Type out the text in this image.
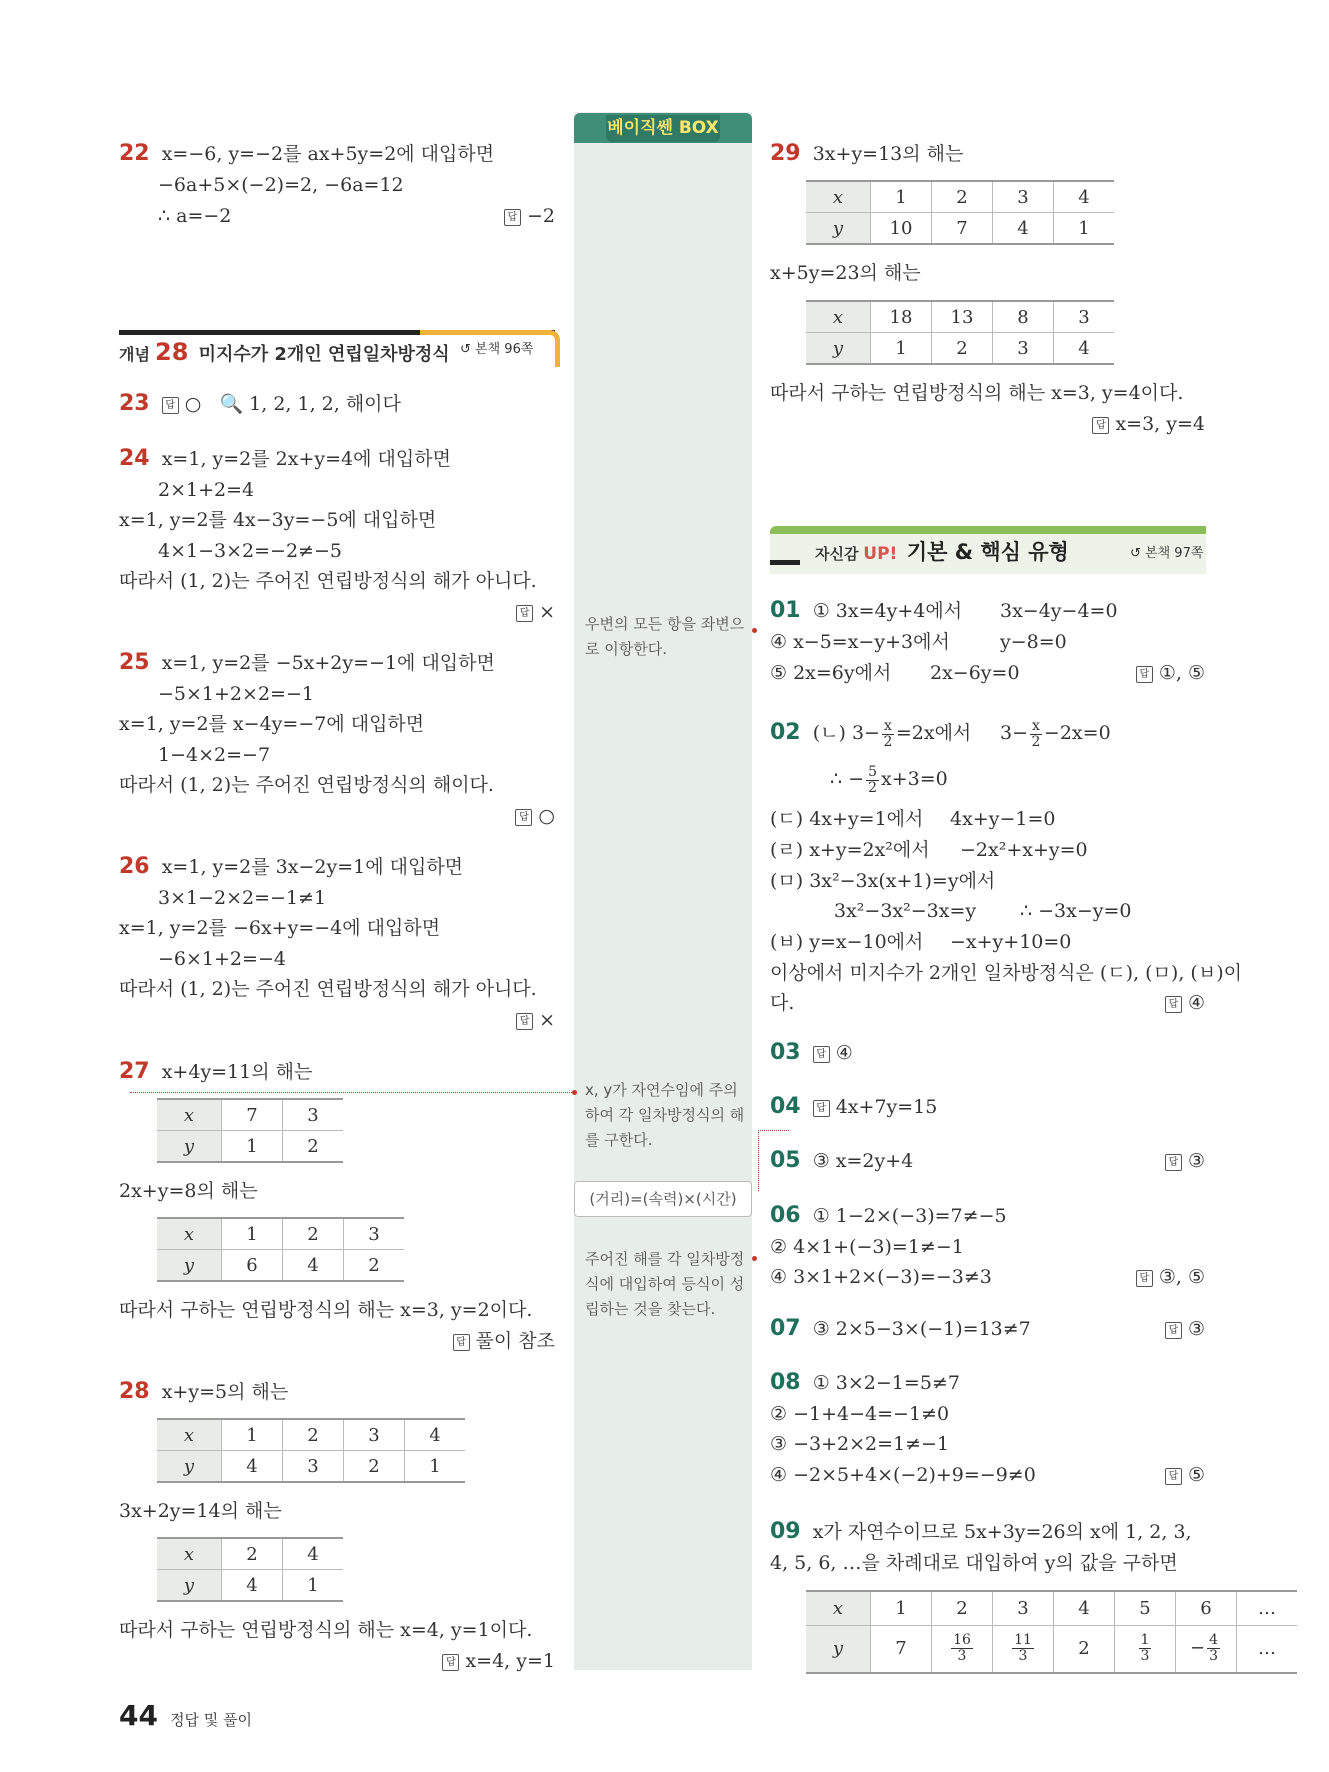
베이직쎈 BOX
우변의 모든 항을 좌변으로 이항한다.
x, y가 자연수임에 주의하여 각 일차방정식의 해를 구한다.
(거리)=(속력)×(시간)
주어진 해를 각 일차방정식에 대입하여 등식이 성립하는 것을 찾는다.
22 x=−6, y=−2를 ax+5y=2에 대입하면
−6a+5×(−2)=2, −6a=12
∴ a=−2	답 −2
개념 28 미지수가 2개인 연립일차방정식 ↺ 본책 96쪽
23 답 ○ 🔍 1, 2, 1, 2, 해이다
24 x=1, y=2를 2x+y=4에 대입하면
2×1+2=4
x=1, y=2를 4x−3y=−5에 대입하면
4×1−3×2=−2≠−5
따라서 (1, 2)는 주어진 연립방정식의 해가 아니다.
답 ×
25 x=1, y=2를 −5x+2y=−1에 대입하면
−5×1+2×2=−1
x=1, y=2를 x−4y=−7에 대입하면
1−4×2=−7
따라서 (1, 2)는 주어진 연립방정식의 해이다.
답 ○
26 x=1, y=2를 3x−2y=1에 대입하면
3×1−2×2=−1≠1
x=1, y=2를 −6x+y=−4에 대입하면
−6×1+2=−4
따라서 (1, 2)는 주어진 연립방정식의 해가 아니다.
답 ×
27 x+4y=11의 해는
x	7	3
y	1	2
2x+y=8의 해는
x	1	2	3
y	6	4	2
따라서 구하는 연립방정식의 해는 x=3, y=2이다.
답 풀이 참조
28 x+y=5의 해는
x	1	2	3	4
y	4	3	2	1
3x+2y=14의 해는
x	2	4
y	4	1
따라서 구하는 연립방정식의 해는 x=4, y=1이다.
답 x=4, y=1
29 3x+y=13의 해는
x	1	2	3	4
y	10	7	4	1
x+5y=23의 해는
x	18	13	8	3
y	1	2	3	4
따라서 구하는 연립방정식의 해는 x=3, y=4이다.
답 x=3, y=4
자신감 UP! 기본 & 핵심 유형	↺ 본책 97쪽
01 ① 3x=4y+4에서 3x−4y−4=0
④ x−5=x−y+3에서	y−8=0
⑤ 2x=6y에서 2x−6y=0	답 ①, ⑤
02 (ㄴ) $3- \frac{x}{2} =2x$에서 $3- \frac{x}{2} -2x=0$
∴ − $\frac{5}{2} x+3=0$
(ㄷ) 4x+y=1에서 4x+y−1=0
(ㄹ) x+y=2x²에서 −2x²+x+y=0
(ㅁ) 3x²−3x(x+1)=y에서
3x²−3x²−3x=y ∴ −3x−y=0
(ㅂ) y=x−10에서 −x+y+10=0
이상에서 미지수가 2개인 일차방정식은 (ㄷ), (ㅁ), (ㅂ)이
다.	답 ④
03 답 ④
04 답 4x+7y=15
05 ③ x=2y+4	답 ③
06 ① 1−2×(−3)=7≠−5
② 4×1+(−3)=1≠−1
④ 3×1+2×(−3)=−3≠3	답 ③, ⑤
07 ③ 2×5−3×(−1)=13≠7	답 ③
08 ① 3×2−1=5≠7
② −1+4−4=−1≠0
③ −3+2×2=1≠−1
④ −2×5+4×(−2)+9=−9≠0	답 ⑤
09 x가 자연수이므로 5x+3y=26의 x에 1, 2, 3,
4, 5, 6, …을 차례대로 대입하여 y의 값을 구하면
x	1	2	3	4	5	6	…
y	7	$\frac{16}{3}$	$\frac{11}{3}$	2	$\frac{1}{3}$	− $\frac{4}{3}$	…
44 정답 및 풀이
